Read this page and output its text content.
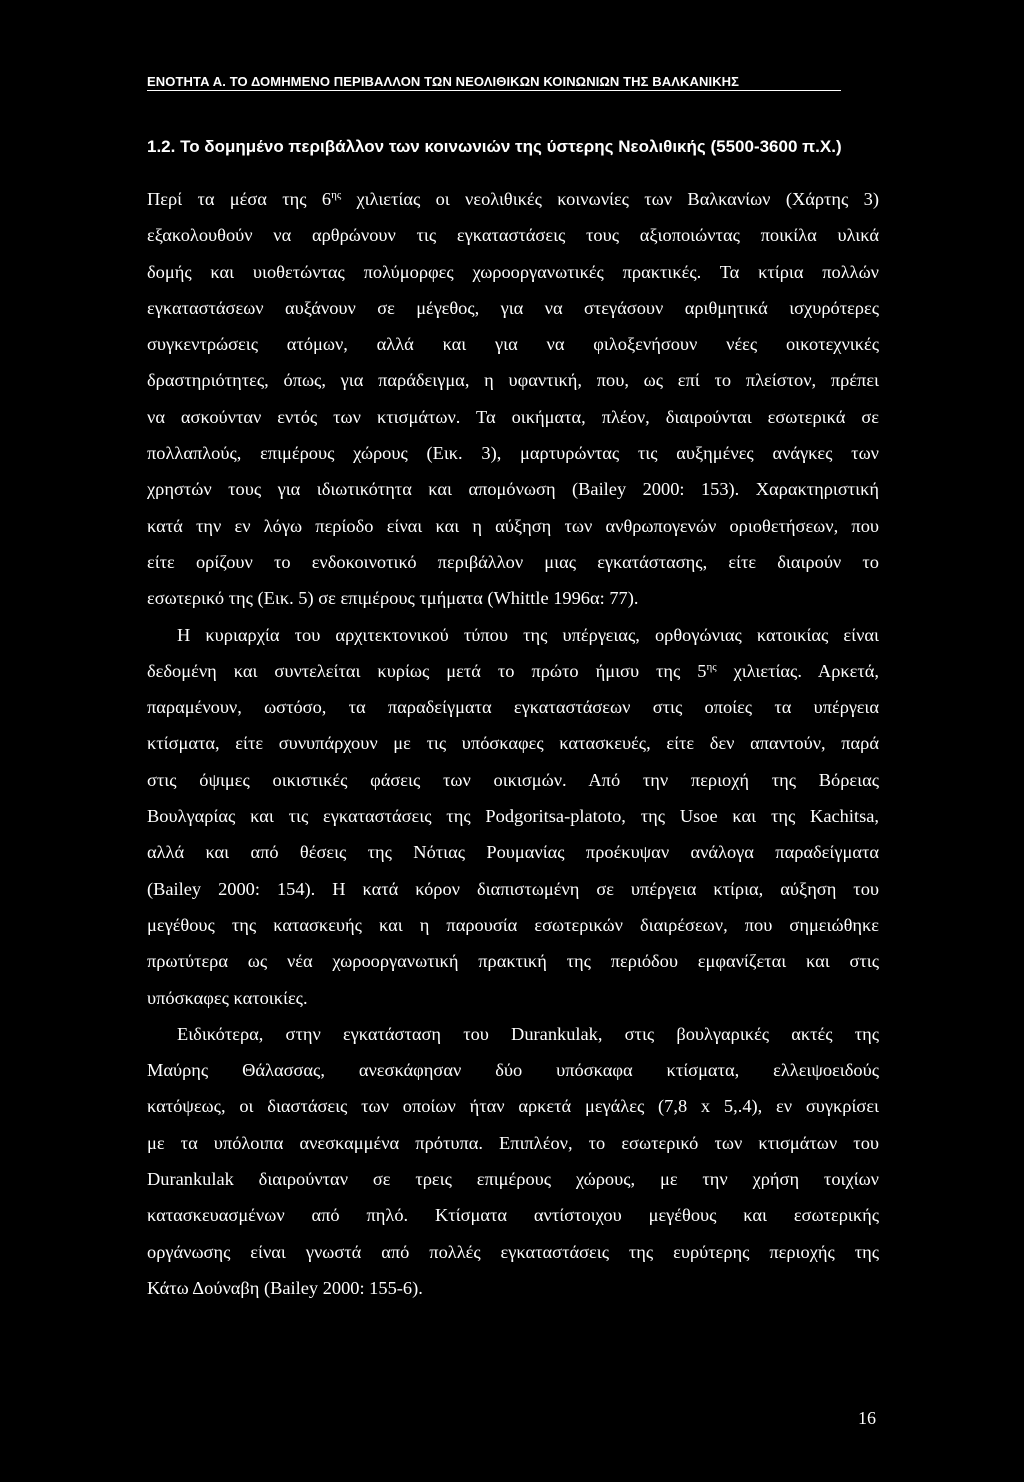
ΕΝΟΤΗΤΑ Α. ΤΟ ΔΟΜΗΜΕΝΟ ΠΕΡΙΒΑΛΛΟΝ ΤΩΝ ΝΕΟΛΙΘΙΚΩΝ ΚΟΙΝΩΝΙΩΝ ΤΗΣ ΒΑΛΚΑΝΙΚΗΣ
1.2. Το δομημένο περιβάλλον των κοινωνιών της ύστερης Νεολιθικής (5500-3600 π.Χ.)
Περί τα μέσα της $6^{\eta\varsigma}$ χιλιετίας οι νεολιθικές κοινωνίες των Βαλκανίων (Χάρτης 3)
εξακολουθούν να αρθρώνουν τις εγκαταστάσεις τους αξιοποιώντας ποικίλα υλικά
δομής και υιοθετώντας πολύμορφες χωροοργανωτικές πρακτικές. Τα κτίρια πολλών
εγκαταστάσεων αυξάνουν σε μέγεθος, για να στεγάσουν αριθμητικά ισχυρότερες
συγκεντρώσεις ατόμων, αλλά και για να φιλοξενήσουν νέες οικοτεχνικές
δραστηριότητες, όπως, για παράδειγμα, η υφαντική, που, ως επί το πλείστον, πρέπει
να ασκούνταν εντός των κτισμάτων. Τα οικήματα, πλέον, διαιρούνται εσωτερικά σε
πολλαπλούς, επιμέρους χώρους (Εικ. 3), μαρτυρώντας τις αυξημένες ανάγκες των
χρηστών τους για ιδιωτικότητα και απομόνωση (Bailey 2000: 153). Χαρακτηριστική
κατά την εν λόγω περίοδο είναι και η αύξηση των ανθρωπογενών οριοθετήσεων, που
είτε ορίζουν το ενδοκοινοτικό περιβάλλον μιας εγκατάστασης, είτε διαιρούν το
εσωτερικό της (Εικ. 5) σε επιμέρους τμήματα (Whittle 1996α: 77).
Η κυριαρχία του αρχιτεκτονικού τύπου της υπέργειας, ορθογώνιας κατοικίας είναι
δεδομένη και συντελείται κυρίως μετά το πρώτο ήμισυ της $5^{\eta\varsigma}$ χιλιετίας. Αρκετά,
παραμένουν, ωστόσο, τα παραδείγματα εγκαταστάσεων στις οποίες τα υπέργεια
κτίσματα, είτε συνυπάρχουν με τις υπόσκαφες κατασκευές, είτε δεν απαντούν, παρά
στις όψιμες οικιστικές φάσεις των οικισμών. Από την περιοχή της Βόρειας
Βουλγαρίας και τις εγκαταστάσεις της Podgoritsa-platoto, της Usoe και της Kachitsa,
αλλά και από θέσεις της Νότιας Ρουμανίας προέκυψαν ανάλογα παραδείγματα
(Bailey 2000: 154). Η κατά κόρον διαπιστωμένη σε υπέργεια κτίρια, αύξηση του
μεγέθους της κατασκευής και η παρουσία εσωτερικών διαιρέσεων, που σημειώθηκε
πρωτύτερα ως νέα χωροοργανωτική πρακτική της περιόδου εμφανίζεται και στις
υπόσκαφες κατοικίες.
Ειδικότερα, στην εγκατάσταση του Durankulak, στις βουλγαρικές ακτές της
Μαύρης Θάλασσας, ανεσκάφησαν δύο υπόσκαφα κτίσματα, ελλειψοειδούς
κατόψεως, οι διαστάσεις των οποίων ήταν αρκετά μεγάλες (7,8 x 5,.4), εν συγκρίσει
με τα υπόλοιπα ανεσκαμμένα πρότυπα. Επιπλέον, το εσωτερικό των κτισμάτων του
Durankulak διαιρούνταν σε τρεις επιμέρους χώρους, με την χρήση τοιχίων
κατασκευασμένων από πηλό. Κτίσματα αντίστοιχου μεγέθους και εσωτερικής
οργάνωσης είναι γνωστά από πολλές εγκαταστάσεις της ευρύτερης περιοχής της
Κάτω Δούναβη (Bailey 2000: 155-6).
16
